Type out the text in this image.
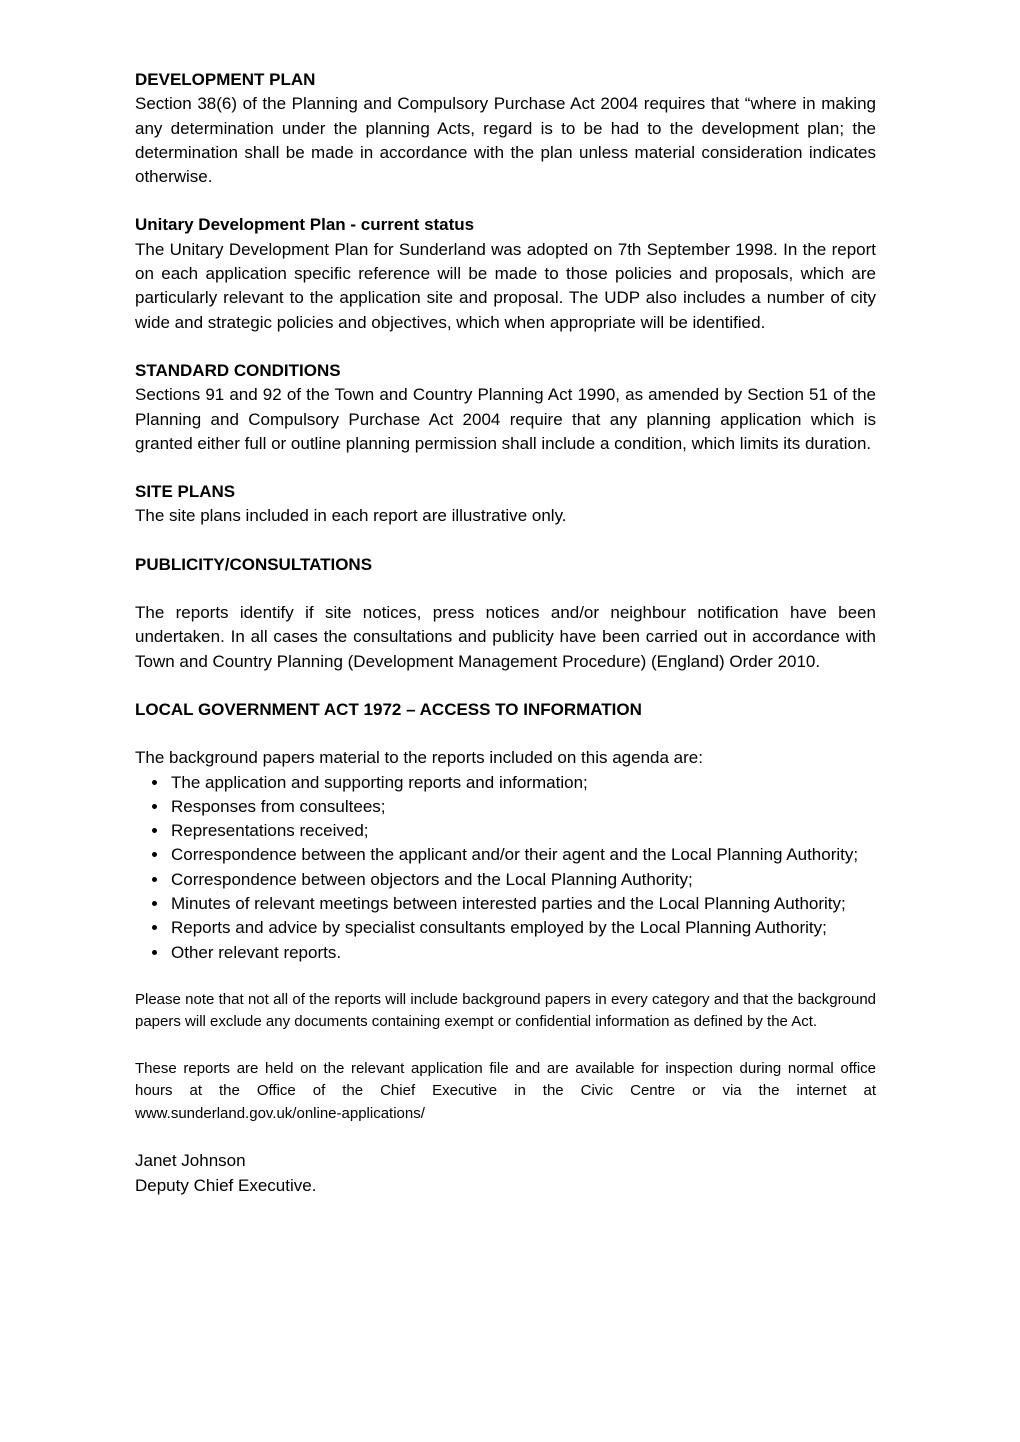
DEVELOPMENT PLAN

Section 38(6) of the Planning and Compulsory Purchase Act 2004 requires that “where in making any determination under the planning Acts, regard is to be had to the development plan; the determination shall be made in accordance with the plan unless material consideration indicates otherwise.

Unitary Development Plan - current status

The Unitary Development Plan for Sunderland was adopted on 7th September 1998. In the report on each application specific reference will be made to those policies and proposals, which are particularly relevant to the application site and proposal. The UDP also includes a number of city wide and strategic policies and objectives, which when appropriate will be identified.

STANDARD CONDITIONS

Sections 91 and 92 of the Town and Country Planning Act 1990, as amended by Section 51 of the Planning and Compulsory Purchase Act 2004 require that any planning application which is granted either full or outline planning permission shall include a condition, which limits its duration.

SITE PLANS

The site plans included in each report are illustrative only.

PUBLICITY/CONSULTATIONS

The reports identify if site notices, press notices and/or neighbour notification have been undertaken. In all cases the consultations and publicity have been carried out in accordance with Town and Country Planning (Development Management Procedure) (England) Order 2010.

LOCAL GOVERNMENT ACT 1972 – ACCESS TO INFORMATION

The background papers material to the reports included on this agenda are:

• The application and supporting reports and information;
• Responses from consultees;
• Representations received;
• Correspondence between the applicant and/or their agent and the Local Planning Authority;
• Correspondence between objectors and the Local Planning Authority;
• Minutes of relevant meetings between interested parties and the Local Planning Authority;
• Reports and advice by specialist consultants employed by the Local Planning Authority;
• Other relevant reports.

Please note that not all of the reports will include background papers in every category and that the background papers will exclude any documents containing exempt or confidential information as defined by the Act.

These reports are held on the relevant application file and are available for inspection during normal office hours at the Office of the Chief Executive in the Civic Centre or via the internet at www.sunderland.gov.uk/online-applications/

Janet Johnson

Deputy Chief Executive.
